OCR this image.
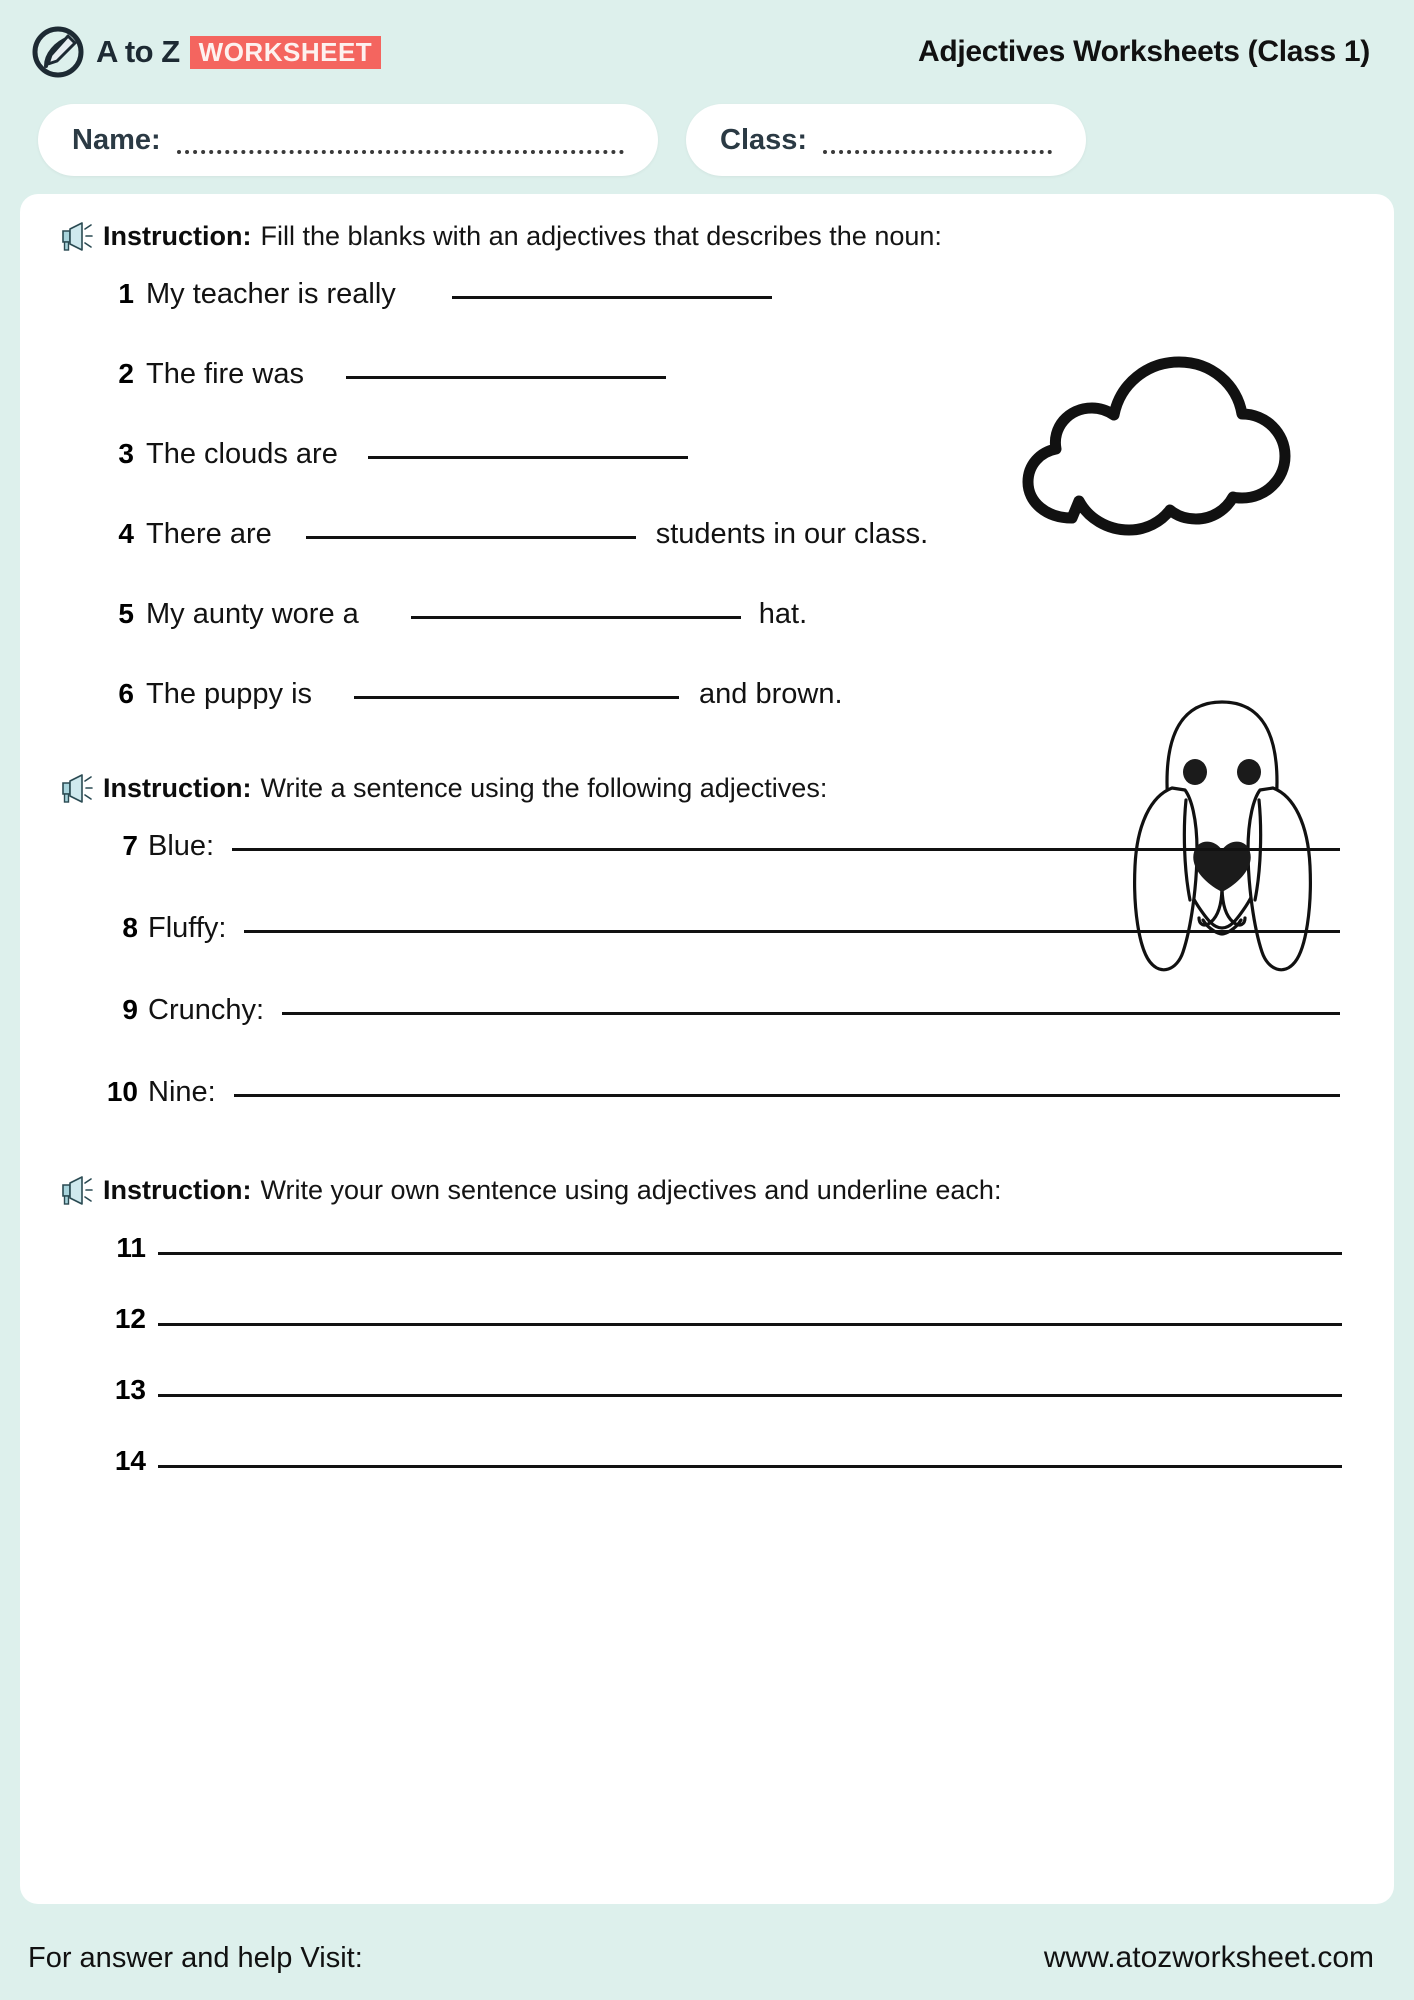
A to Z WORKSHEET	Adjectives Worksheets (Class 1)
Name:	Class:
Instruction: Fill the blanks with an adjectives that describes the noun:
1 My teacher is really
2 The fire was
3 The clouds are
4 There are	students in our class.
5 My aunty wore a	hat.
6 The puppy is	and brown.
Instruction: Write a sentence using the following adjectives:
7 Blue:
8 Fluffy:
9 Crunchy:
10 Nine:
Instruction: Write your own sentence using adjectives and underline each:
11
12
13
14
For answer and help Visit:	www.atozworksheet.com
